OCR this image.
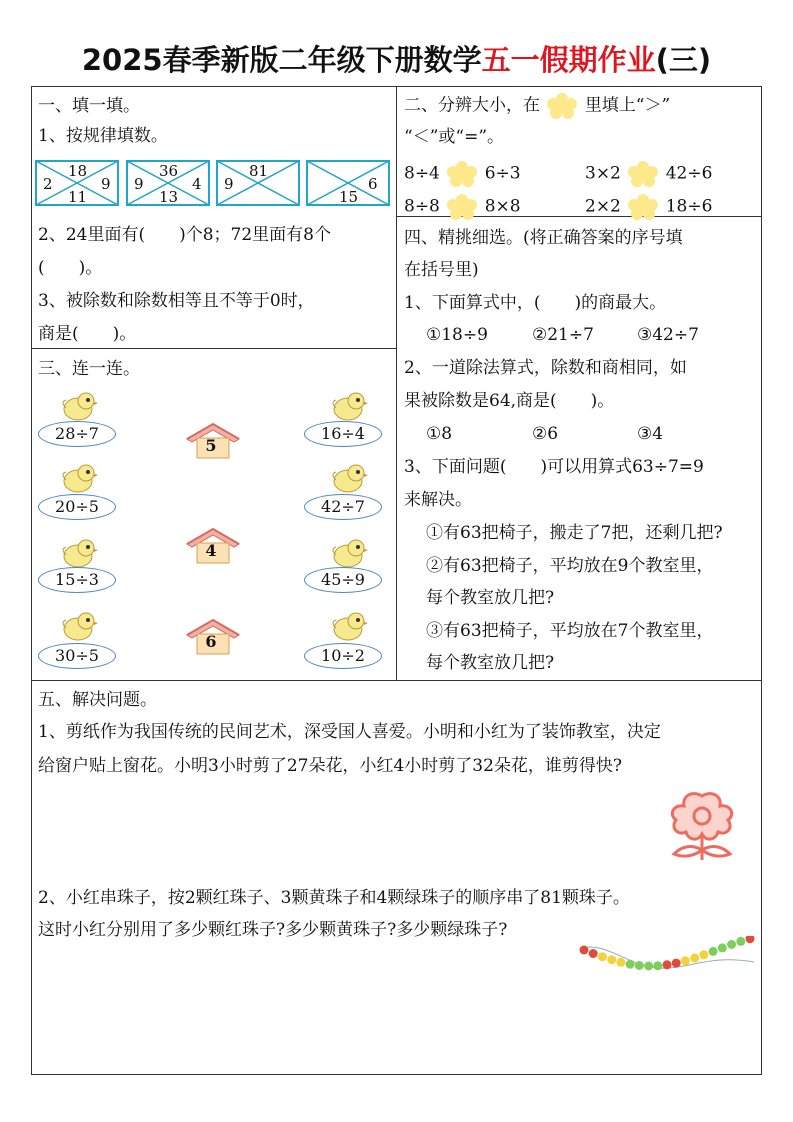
2025春季新版二年级下册数学五一假期作业(三)
一、填一填。
1、按规律填数。
18
2	9
11
36
9	4
13
81
9	6
15
2、24里面有(　　)个8；72里面有8个
(　　)。
3、被除数和除数相等且不等于0时，
商是(　　)。
二、分辨大小，在	里填上“＞”
“＜”或“=”。
8÷4	6÷3	3×2	42÷6
8÷8	8×8	2×2	18÷6
三、连一连。
28÷7
20÷5
15÷3
30÷5
5
4
6
16÷4
42÷7
45÷9
10÷2
四、精挑细选。(将正确答案的序号填
在括号里)
1、下面算式中，(　　)的商最大。
①18÷9	②21÷7	③42÷7
2、一道除法算式，除数和商相同，如
果被除数是64,商是(　　)。
①8	②6	③4
3、下面问题(　　)可以用算式63÷7=9
来解决。
①有63把椅子，搬走了7把，还剩几把?
②有63把椅子，平均放在9个教室里，
每个教室放几把?
③有63把椅子，平均放在7个教室里，
每个教室放几把?
五、解决问题。
1、剪纸作为我国传统的民间艺术，深受国人喜爱。小明和小红为了装饰教室，决定
给窗户贴上窗花。小明3小时剪了27朵花，小红4小时剪了32朵花，谁剪得快?
2、小红串珠子，按2颗红珠子、3颗黄珠子和4颗绿珠子的顺序串了81颗珠子。
这时小红分别用了多少颗红珠子?多少颗黄珠子?多少颗绿珠子?
